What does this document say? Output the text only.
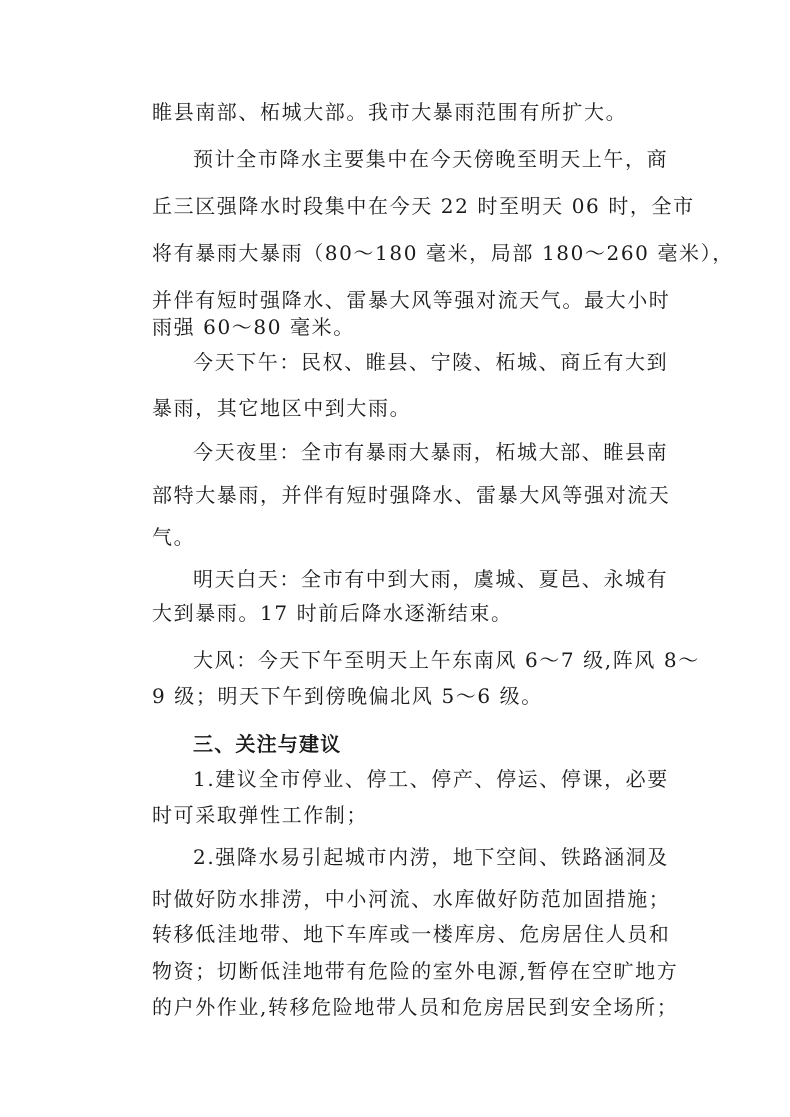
睢县南部、柘城大部。我市大暴雨范围有所扩大。
预计全市降水主要集中在今天傍晚至明天上午，商
丘三区强降水时段集中在今天 22 时至明天 06 时，全市
将有暴雨大暴雨（80～180 毫米，局部 180～260 毫米），
并伴有短时强降水、雷暴大风等强对流天气。最大小时
雨强 60～80 毫米。
今天下午：民权、睢县、宁陵、柘城、商丘有大到
暴雨，其它地区中到大雨。
今天夜里：全市有暴雨大暴雨，柘城大部、睢县南
部特大暴雨，并伴有短时强降水、雷暴大风等强对流天
气。
明天白天：全市有中到大雨，虞城、夏邑、永城有
大到暴雨。17 时前后降水逐渐结束。
大风：今天下午至明天上午东南风 6～7 级,阵风 8～
9 级；明天下午到傍晚偏北风 5～6 级。
三、关注与建议
1.建议全市停业、停工、停产、停运、停课，必要
时可采取弹性工作制；
2.强降水易引起城市内涝，地下空间、铁路涵洞及
时做好防水排涝，中小河流、水库做好防范加固措施；
转移低洼地带、地下车库或一楼库房、危房居住人员和
物资；切断低洼地带有危险的室外电源,暂停在空旷地方
的户外作业,转移危险地带人员和危房居民到安全场所；
